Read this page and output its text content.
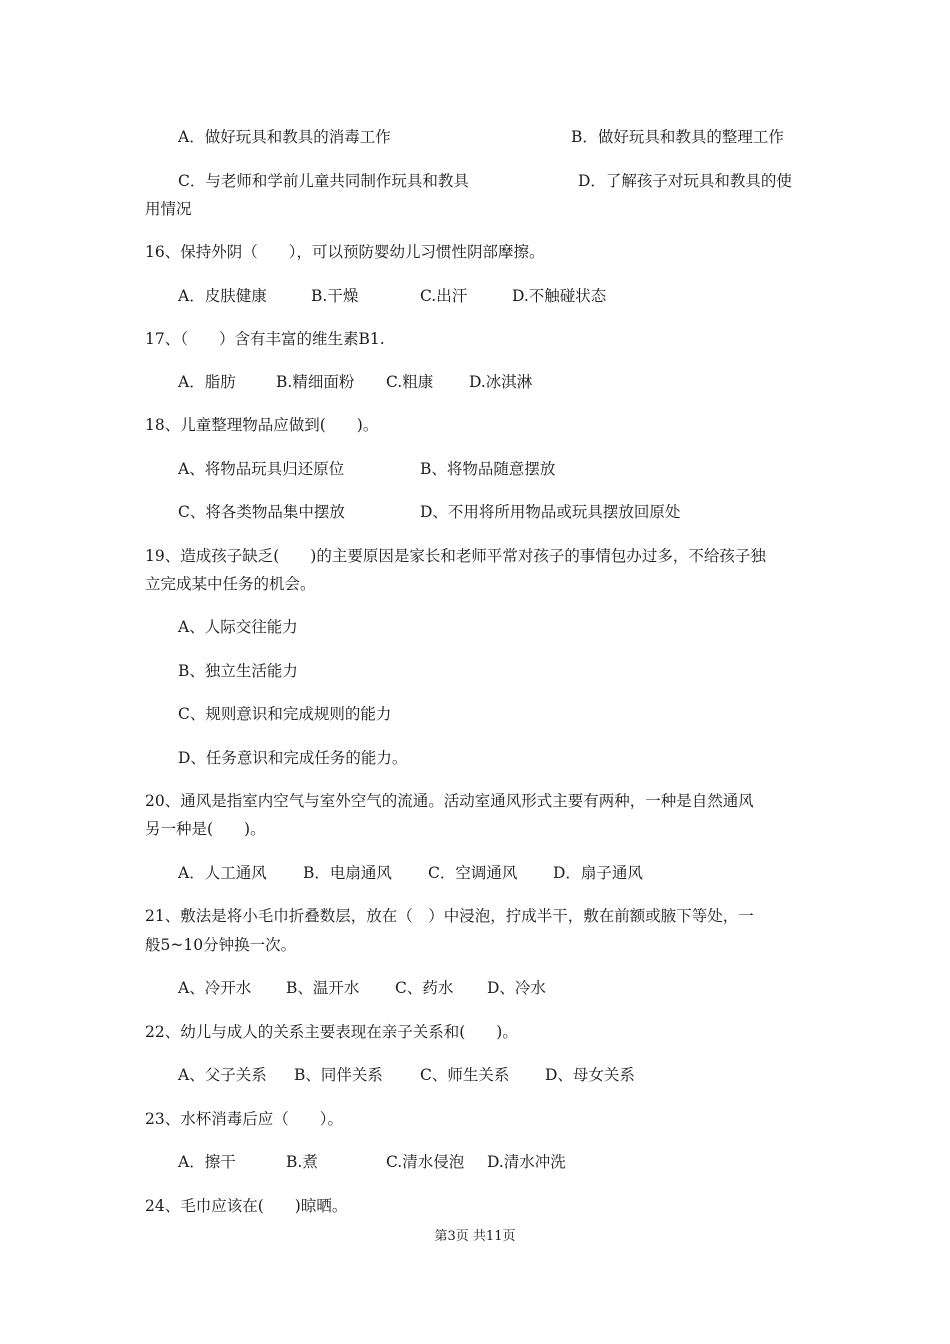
A．做好玩具和教具的消毒工作	B．做好玩具和教具的整理工作
C．与老师和学前儿童共同制作玩具和教具	D．了解孩子对玩具和教具的使
用情况
16、保持外阴（　　），可以预防婴幼儿习惯性阴部摩擦。
A．皮肤健康	B.干燥	C.出汗	D.不触碰状态
17、（　　）含有丰富的维生素B1.
A．脂肪	B.精细面粉 C.粗康 D.冰淇淋
18、儿童整理物品应做到(　　)。
A、将物品玩具归还原位	B、将物品随意摆放
C、将各类物品集中摆放	D、不用将所用物品或玩具摆放回原处
19、造成孩子缺乏(　　)的主要原因是家长和老师平常对孩子的事情包办过多，不给孩子独
立完成某中任务的机会。
A、人际交往能力
B、独立生活能力
C、规则意识和完成规则的能力
D、任务意识和完成任务的能力。
20、通风是指室内空气与室外空气的流通。活动室通风形式主要有两种，一种是自然通风
另一种是(　　)。
A．人工通风 B．电扇通风 C．空调通风 D．扇子通风
21、敷法是将小毛巾折叠数层，放在（　）中浸泡，拧成半干，敷在前额或腋下等处，一
般5~10分钟换一次。
A、冷开水 B、温开水 C、药水 D、冷水
22、幼儿与成人的关系主要表现在亲子关系和(　　)。
A、父子关系 B、同伴关系 C、师生关系 D、母女关系
23、水杯消毒后应（　　）。
A．擦干	B.煮	C.清水侵泡 D.清水冲洗
24、毛巾应该在(　　)晾晒。
第3页 共11页
